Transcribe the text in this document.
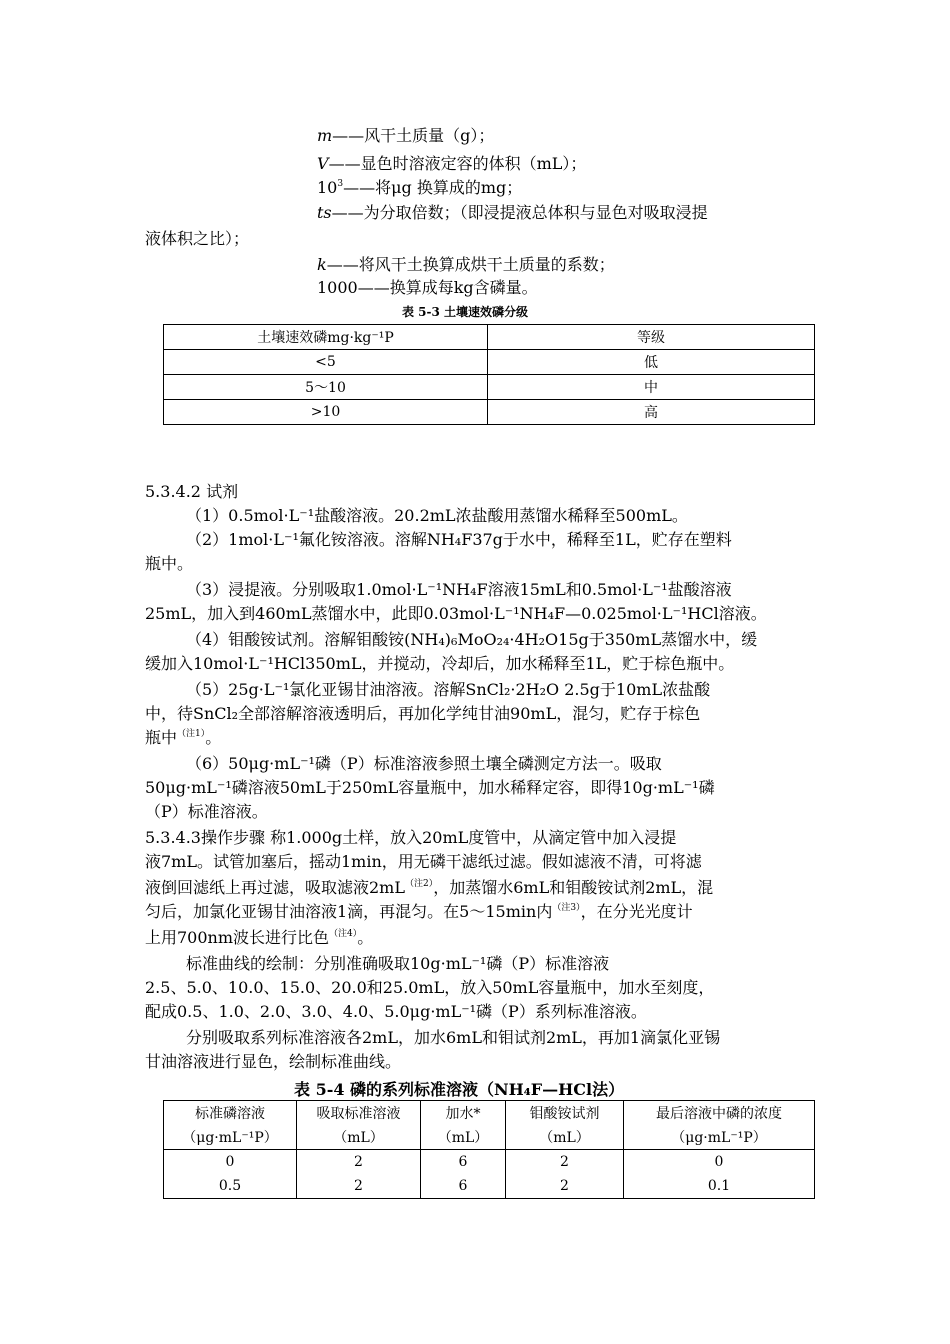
m——风干土质量（g）；
V——显色时溶液定容的体积（mL）；
$10^3——$将μg 换算成的mg；
ts——为分取倍数；（即浸提液总体积与显色对吸取浸提
液体积之比）；
k——将风干土换算成烘干土质量的系数；
1000——换算成每kg含磷量。
表 5-3 土壤速效磷分级
土壤速效磷mg·kg⁻¹P	等级
<5	低
5～10	中
>10	高
5.3.4.2 试剂
（1）0.5mol·L⁻¹盐酸溶液。20.2mL浓盐酸用蒸馏水稀释至500mL。
（2）1mol·L⁻¹氟化铵溶液。溶解NH₄F37g于水中，稀释至1L，贮存在塑料
瓶中。
（3）浸提液。分别吸取1.0mol·L⁻¹NH₄F溶液15mL和0.5mol·L⁻¹盐酸溶液
25mL，加入到460mL蒸馏水中，此即0.03mol·L⁻¹NH₄F—0.025mol·L⁻¹HCl溶液。
（4）钼酸铵试剂。溶解钼酸铵(NH₄)₆MoO₂₄·4H₂O15g于350mL蒸馏水中，缓
缓加入10mol·L⁻¹HCl350mL，并搅动，冷却后，加水稀释至1L，贮于棕色瓶中。
（5）25g·L⁻¹氯化亚锡甘油溶液。溶解SnCl₂·2H₂O 2.5g于10mL浓盐酸
中，待SnCl₂全部溶解溶液透明后，再加化学纯甘油90mL，混匀，贮存于棕色
瓶中$^{(注1)}$。
（6）50μg·mL⁻¹磷（P）标准溶液参照土壤全磷测定方法一。吸取
50μg·mL⁻¹磷溶液50mL于250mL容量瓶中，加水稀释定容，即得10g·mL⁻¹磷
（P）标准溶液。
5.3.4.3操作步骤 称1.000g土样，放入20mL度管中，从滴定管中加入浸提
液7mL。试管加塞后，摇动1min，用无磷干滤纸过滤。假如滤液不清，可将滤
液倒回滤纸上再过滤，吸取滤液$2mL^{(注2)}$，加蒸馏水6mL和钼酸铵试剂2mL，混
匀后，加氯化亚锡甘油溶液1滴，再混匀。在5～15min内$^{(注3)}$，在分光光度计
上用700nm波长进行比色$^{(注4)}$。
标准曲线的绘制：分别准确吸取10g·mL⁻¹磷（P）标准溶液
2.5、5.0、10.0、15.0、20.0和25.0mL，放入50mL容量瓶中，加水至刻度，
配成0.5、1.0、2.0、3.0、4.0、5.0μg·mL⁻¹磷（P）系列标准溶液。
分别吸取系列标准溶液各2mL，加水6mL和钼试剂2mL，再加1滴氯化亚锡
甘油溶液进行显色，绘制标准曲线。
表 5-4 磷的系列标准溶液（NH₄F—HCl法）
标准磷溶液	吸取标准溶液	加水*	钼酸铵试剂	最后溶液中磷的浓度
（μg·mL⁻¹P）	（mL）	（mL）	（mL）	（μg·mL⁻¹P）
0	2	6	2	0
0.5	2	6	2	0.1
